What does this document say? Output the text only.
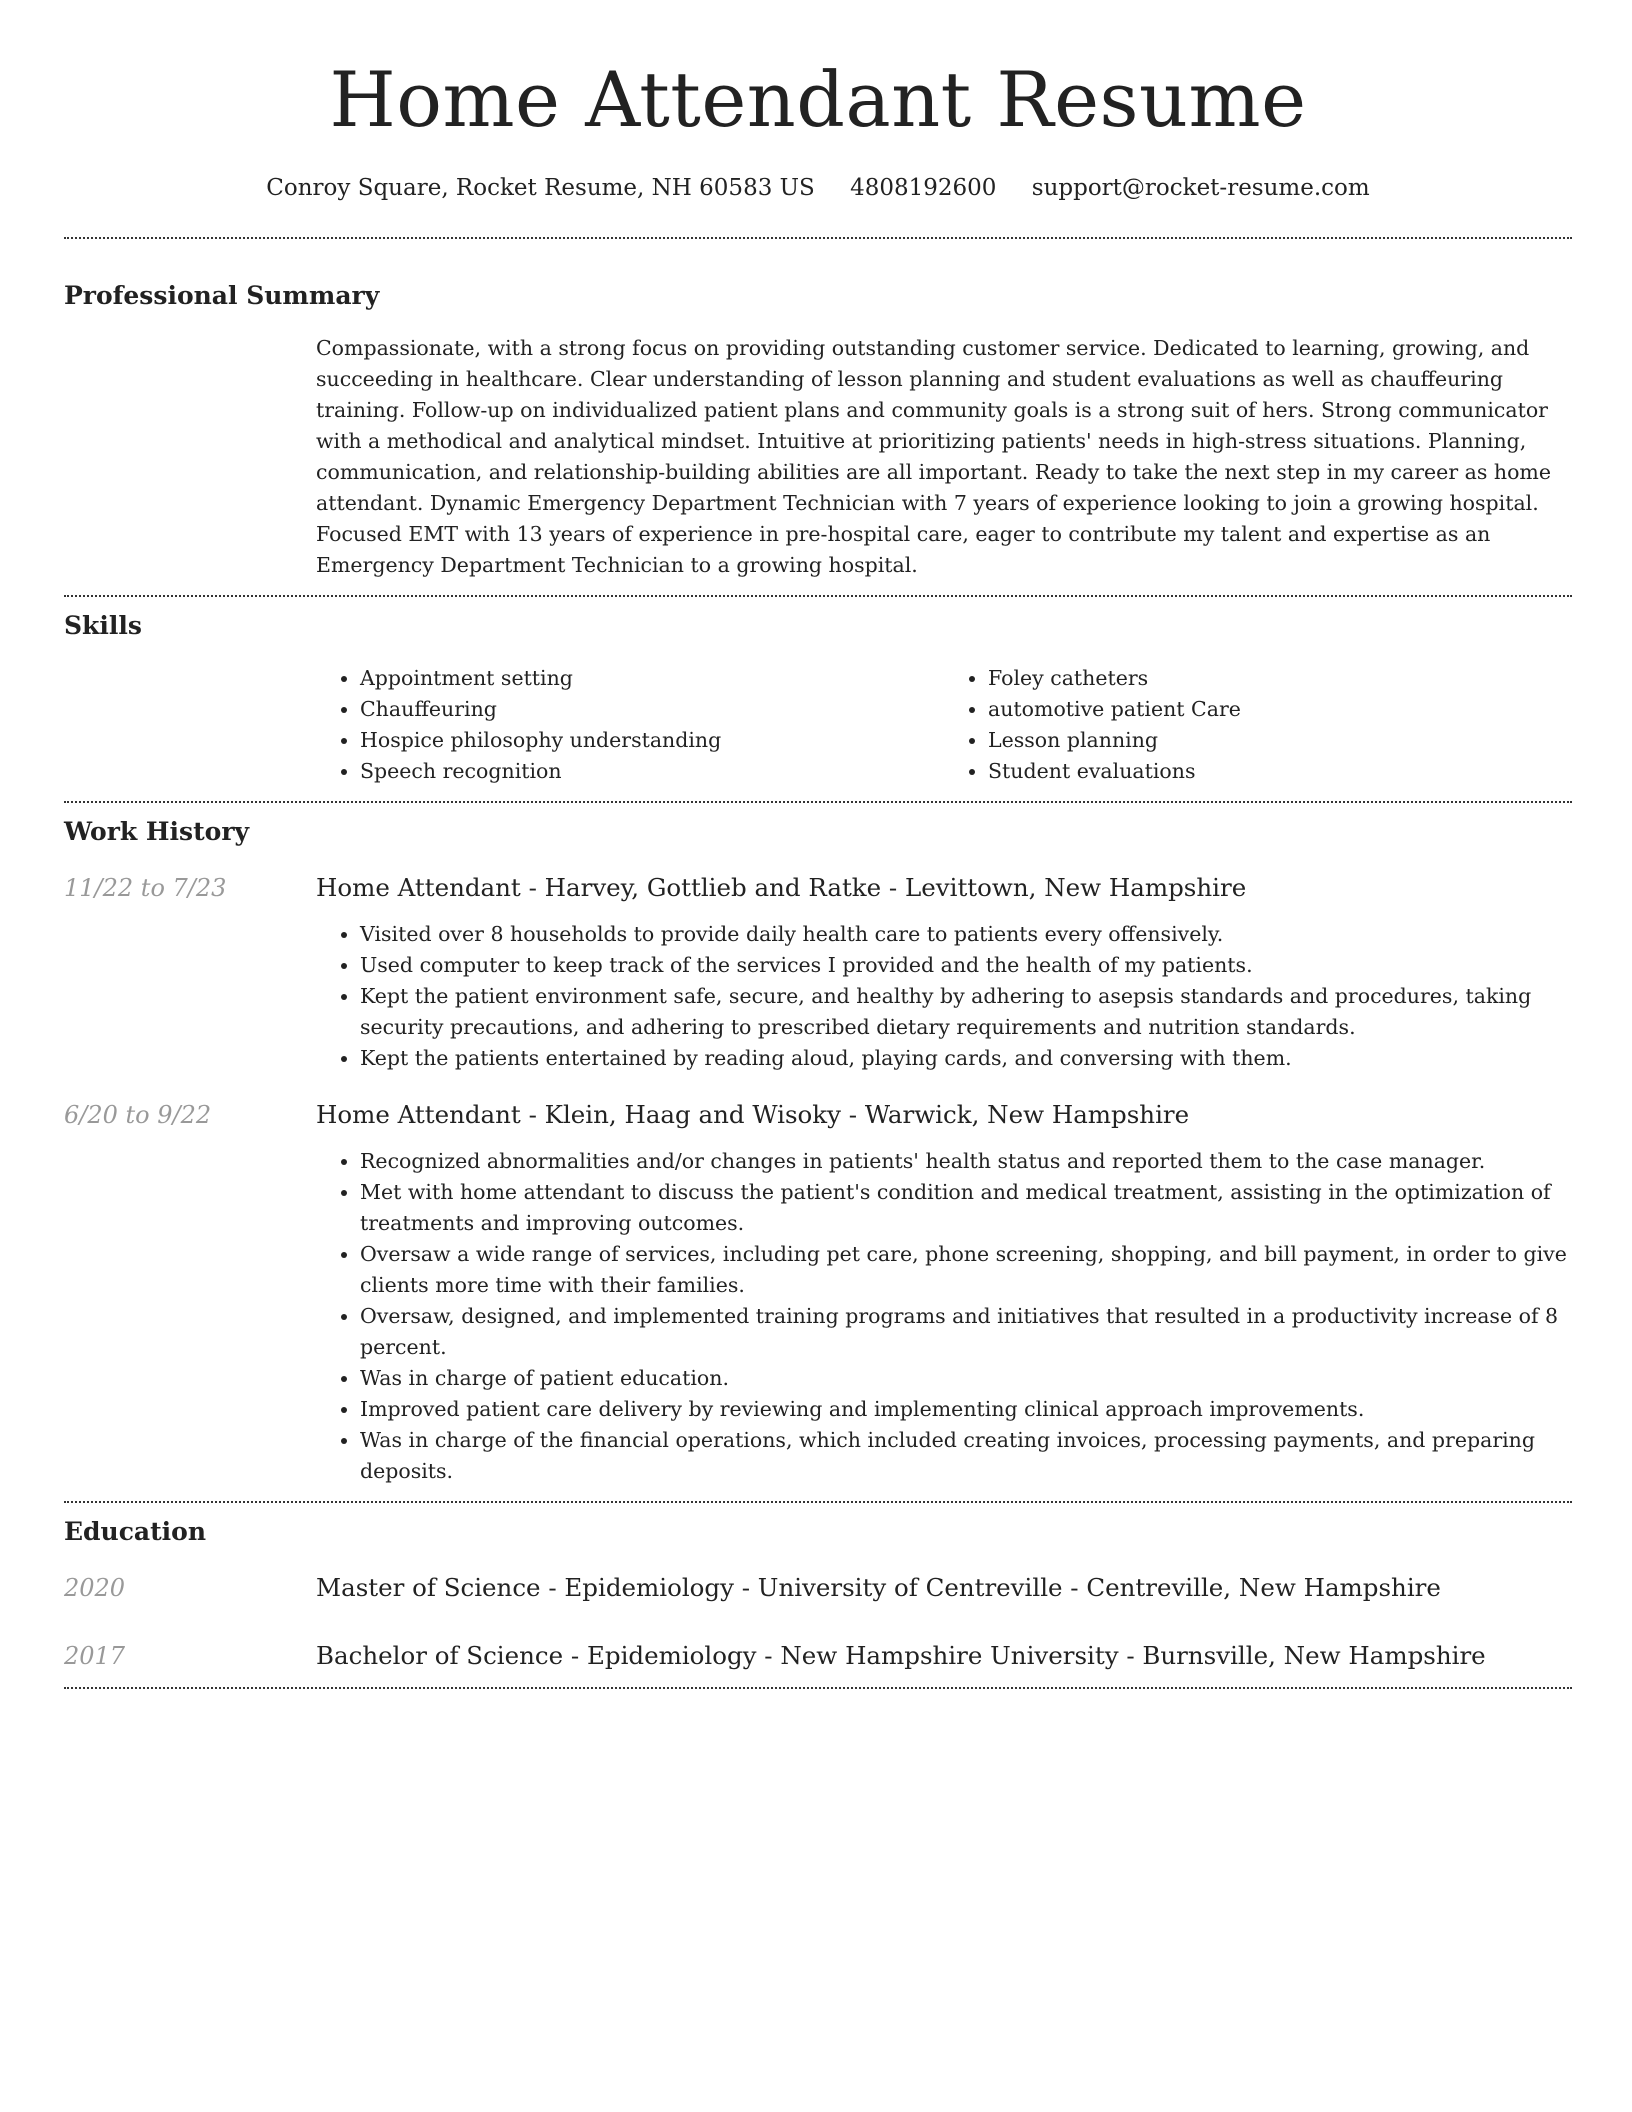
Home Attendant Resume
Conroy Square, Rocket Resume, NH 60583 US 4808192600 support@rocket-resume.com
Professional Summary
Compassionate, with a strong focus on providing outstanding customer service. Dedicated to learning, growing, and succeeding in healthcare. Clear understanding of lesson planning and student evaluations as well as chauffeuring training. Follow-up on individualized patient plans and community goals is a strong suit of hers. Strong communicator with a methodical and analytical mindset. Intuitive at prioritizing patients' needs in high-stress situations. Planning, communication, and relationship-building abilities are all important. Ready to take the next step in my career as home attendant. Dynamic Emergency Department Technician with 7 years of experience looking to join a growing hospital. Focused EMT with 13 years of experience in pre-hospital care, eager to contribute my talent and expertise as an Emergency Department Technician to a growing hospital.
Skills
• Appointment setting
• Chauffeuring
• Hospice philosophy understanding
• Speech recognition
• Foley catheters
• automotive patient Care
• Lesson planning
• Student evaluations
Work History
11/22 to 7/23	Home Attendant - Harvey, Gottlieb and Ratke - Levittown, New Hampshire
• Visited over 8 households to provide daily health care to patients every offensively.
• Used computer to keep track of the services I provided and the health of my patients.
• Kept the patient environment safe, secure, and healthy by adhering to asepsis standards and procedures, taking security precautions, and adhering to prescribed dietary requirements and nutrition standards.
• Kept the patients entertained by reading aloud, playing cards, and conversing with them.
6/20 to 9/22	Home Attendant - Klein, Haag and Wisoky - Warwick, New Hampshire
• Recognized abnormalities and/or changes in patients' health status and reported them to the case manager.
• Met with home attendant to discuss the patient's condition and medical treatment, assisting in the optimization of treatments and improving outcomes.
• Oversaw a wide range of services, including pet care, phone screening, shopping, and bill payment, in order to give clients more time with their families.
• Oversaw, designed, and implemented training programs and initiatives that resulted in a productivity increase of 8 percent.
• Was in charge of patient education.
• Improved patient care delivery by reviewing and implementing clinical approach improvements.
• Was in charge of the financial operations, which included creating invoices, processing payments, and preparing deposits.
Education
2020	Master of Science - Epidemiology - University of Centreville - Centreville, New Hampshire
2017	Bachelor of Science - Epidemiology - New Hampshire University - Burnsville, New Hampshire
